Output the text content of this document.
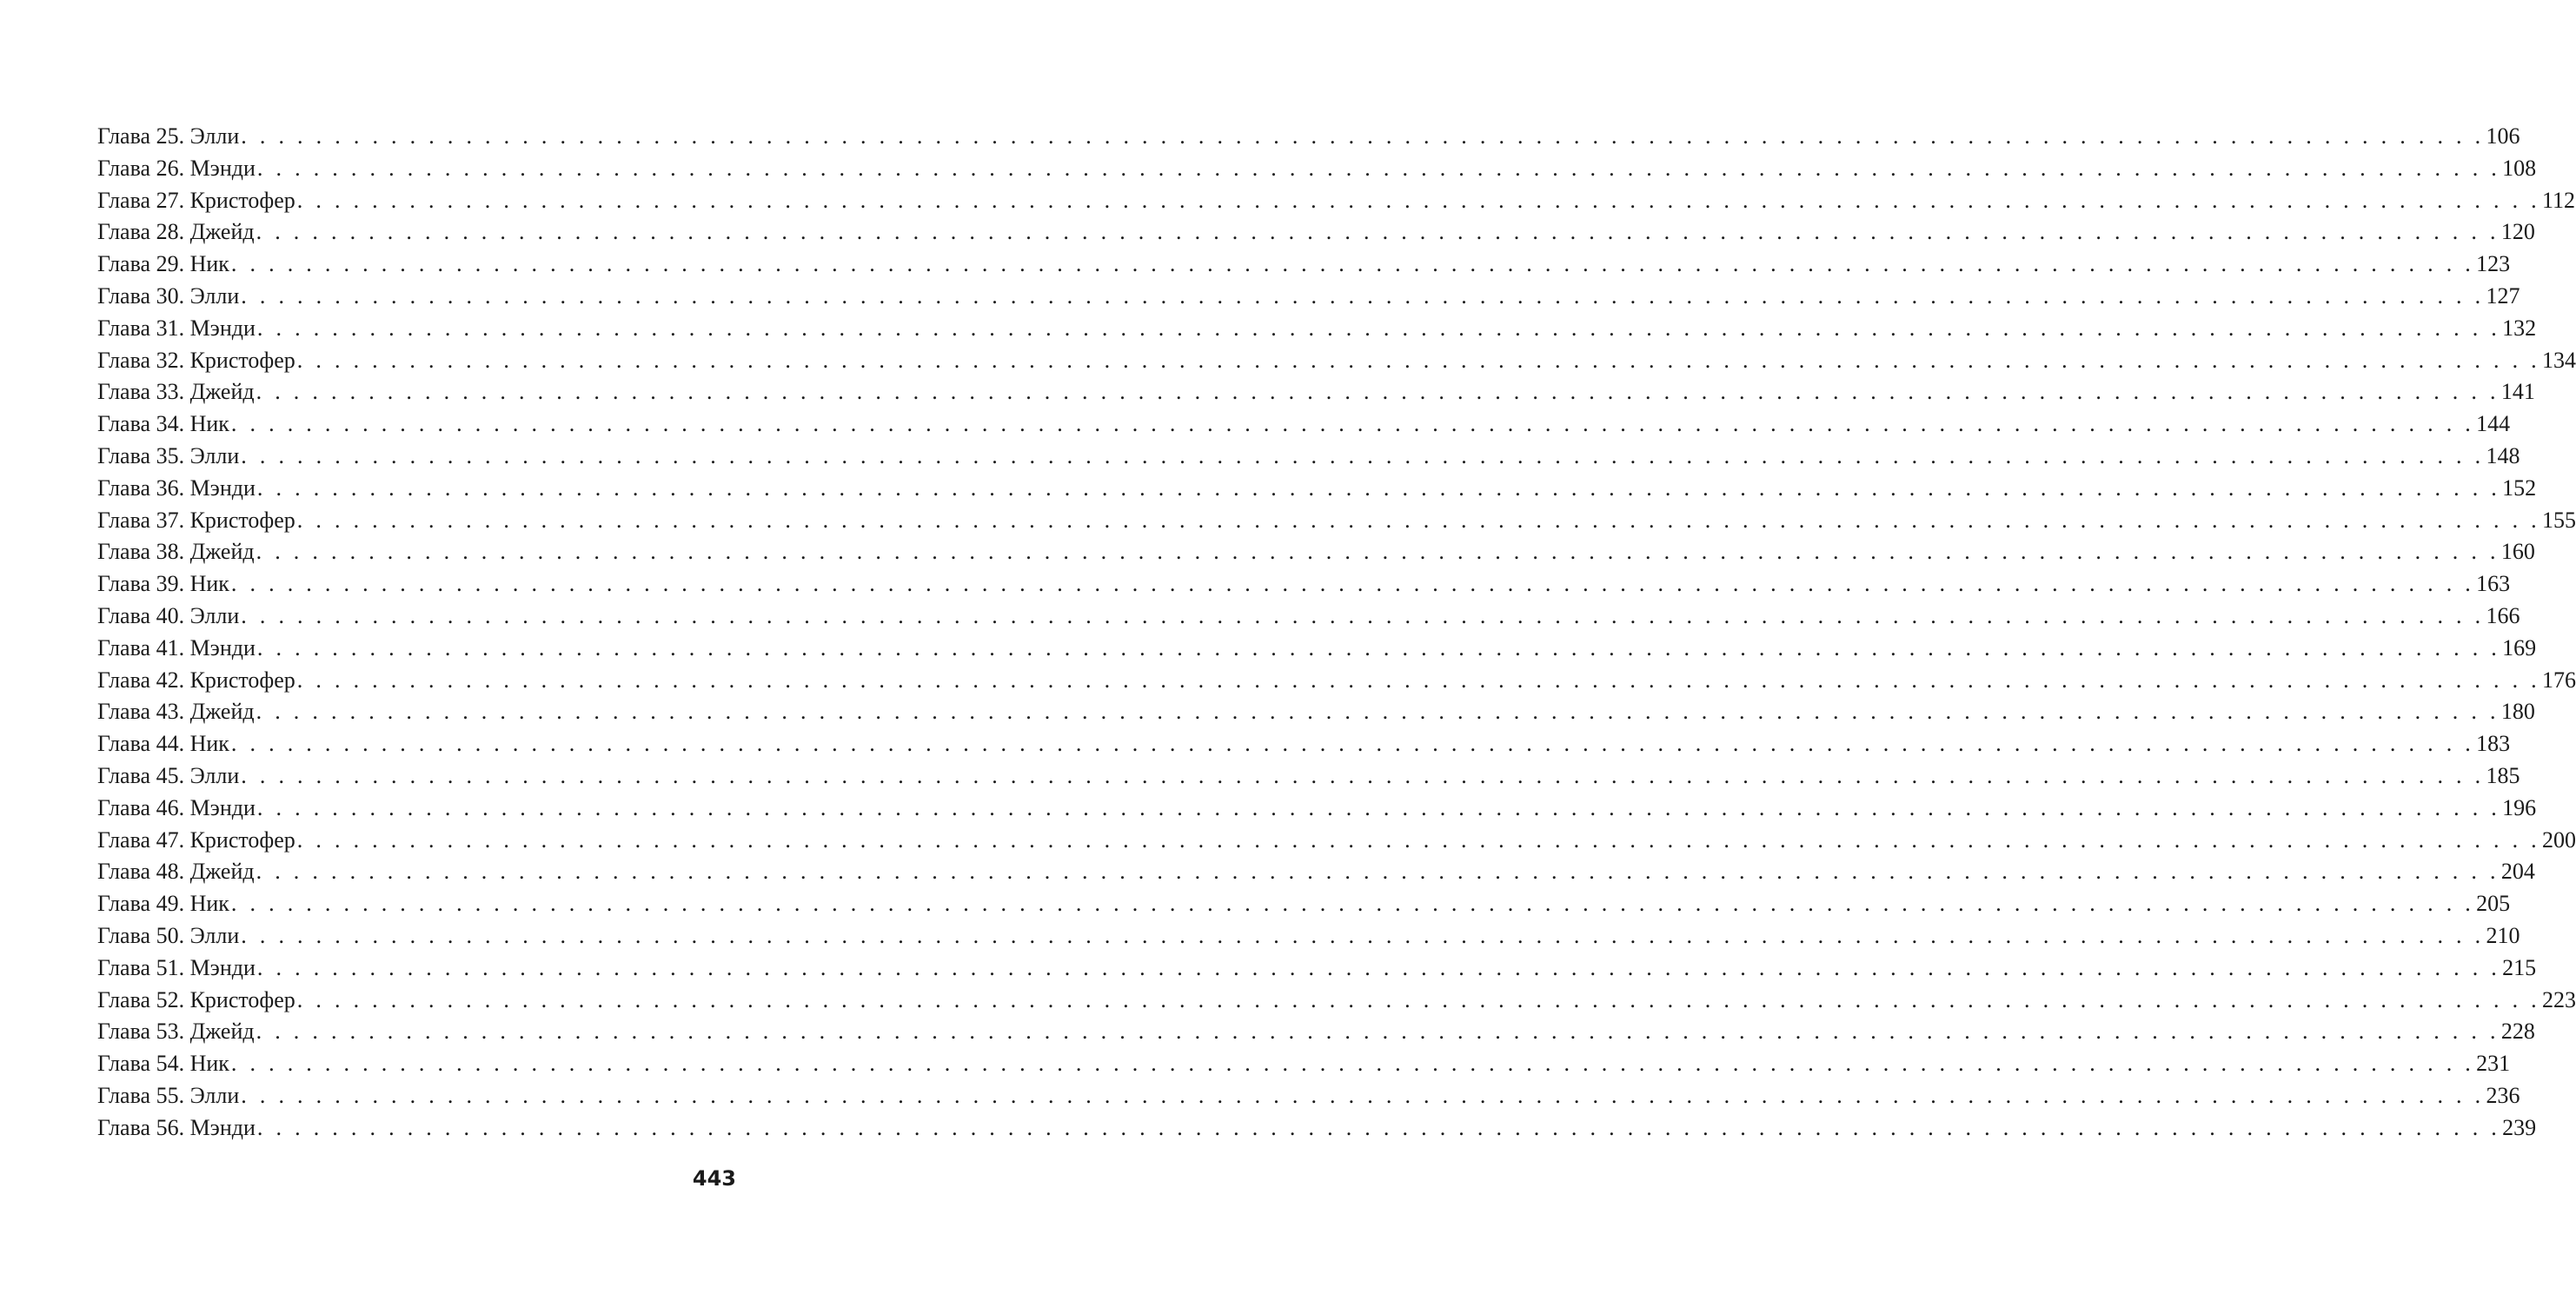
Глава 25. Элли . . . . . . . . . . . . . . . . . . . . . . . . . . . . . . . . . . . . . . . . . . . . . . . . . . . . . . . . . . . . . . . . . . . . . . . . . . . . . . . . . . . . . . . . . . . . . . . . . . . . . . . . . . . . . . . . . . . . . . . . 106
Глава 26. Мэнди . . . . . . . . . . . . . . . . . . . . . . . . . . . . . . . . . . . . . . . . . . . . . . . . . . . . . . . . . . . . . . . . . . . . . . . . . . . . . . . . . . . . . . . . . . . . . . . . . . . . . . . . . . . . . . . . . . . . . . . . 108
Глава 27. Кристофер . . . . . . . . . . . . . . . . . . . . . . . . . . . . . . . . . . . . . . . . . . . . . . . . . . . . . . . . . . . . . . . . . . . . . . . . . . . . . . . . . . . . . . . . . . . . . . . . . . . . . . . . . . . . . . . . . . . . . . . . 112
Глава 28. Джейд . . . . . . . . . . . . . . . . . . . . . . . . . . . . . . . . . . . . . . . . . . . . . . . . . . . . . . . . . . . . . . . . . . . . . . . . . . . . . . . . . . . . . . . . . . . . . . . . . . . . . . . . . . . . . . . . . . . . . . . . 120
Глава 29. Ник . . . . . . . . . . . . . . . . . . . . . . . . . . . . . . . . . . . . . . . . . . . . . . . . . . . . . . . . . . . . . . . . . . . . . . . . . . . . . . . . . . . . . . . . . . . . . . . . . . . . . . . . . . . . . . . . . . . . . . . . 123
Глава 30. Элли . . . . . . . . . . . . . . . . . . . . . . . . . . . . . . . . . . . . . . . . . . . . . . . . . . . . . . . . . . . . . . . . . . . . . . . . . . . . . . . . . . . . . . . . . . . . . . . . . . . . . . . . . . . . . . . . . . . . . . . . 127
Глава 31. Мэнди . . . . . . . . . . . . . . . . . . . . . . . . . . . . . . . . . . . . . . . . . . . . . . . . . . . . . . . . . . . . . . . . . . . . . . . . . . . . . . . . . . . . . . . . . . . . . . . . . . . . . . . . . . . . . . . . . . . . . . . . 132
Глава 32. Кристофер . . . . . . . . . . . . . . . . . . . . . . . . . . . . . . . . . . . . . . . . . . . . . . . . . . . . . . . . . . . . . . . . . . . . . . . . . . . . . . . . . . . . . . . . . . . . . . . . . . . . . . . . . . . . . . . . . . . . . . . . 134
Глава 33. Джейд . . . . . . . . . . . . . . . . . . . . . . . . . . . . . . . . . . . . . . . . . . . . . . . . . . . . . . . . . . . . . . . . . . . . . . . . . . . . . . . . . . . . . . . . . . . . . . . . . . . . . . . . . . . . . . . . . . . . . . . . 141
Глава 34. Ник . . . . . . . . . . . . . . . . . . . . . . . . . . . . . . . . . . . . . . . . . . . . . . . . . . . . . . . . . . . . . . . . . . . . . . . . . . . . . . . . . . . . . . . . . . . . . . . . . . . . . . . . . . . . . . . . . . . . . . . . 144
Глава 35. Элли . . . . . . . . . . . . . . . . . . . . . . . . . . . . . . . . . . . . . . . . . . . . . . . . . . . . . . . . . . . . . . . . . . . . . . . . . . . . . . . . . . . . . . . . . . . . . . . . . . . . . . . . . . . . . . . . . . . . . . . . 148
Глава 36. Мэнди . . . . . . . . . . . . . . . . . . . . . . . . . . . . . . . . . . . . . . . . . . . . . . . . . . . . . . . . . . . . . . . . . . . . . . . . . . . . . . . . . . . . . . . . . . . . . . . . . . . . . . . . . . . . . . . . . . . . . . . . 152
Глава 37. Кристофер . . . . . . . . . . . . . . . . . . . . . . . . . . . . . . . . . . . . . . . . . . . . . . . . . . . . . . . . . . . . . . . . . . . . . . . . . . . . . . . . . . . . . . . . . . . . . . . . . . . . . . . . . . . . . . . . . . . . . . . . 155
Глава 38. Джейд . . . . . . . . . . . . . . . . . . . . . . . . . . . . . . . . . . . . . . . . . . . . . . . . . . . . . . . . . . . . . . . . . . . . . . . . . . . . . . . . . . . . . . . . . . . . . . . . . . . . . . . . . . . . . . . . . . . . . . . . 160
Глава 39. Ник . . . . . . . . . . . . . . . . . . . . . . . . . . . . . . . . . . . . . . . . . . . . . . . . . . . . . . . . . . . . . . . . . . . . . . . . . . . . . . . . . . . . . . . . . . . . . . . . . . . . . . . . . . . . . . . . . . . . . . . . 163
Глава 40. Элли . . . . . . . . . . . . . . . . . . . . . . . . . . . . . . . . . . . . . . . . . . . . . . . . . . . . . . . . . . . . . . . . . . . . . . . . . . . . . . . . . . . . . . . . . . . . . . . . . . . . . . . . . . . . . . . . . . . . . . . . 166
Глава 41. Мэнди . . . . . . . . . . . . . . . . . . . . . . . . . . . . . . . . . . . . . . . . . . . . . . . . . . . . . . . . . . . . . . . . . . . . . . . . . . . . . . . . . . . . . . . . . . . . . . . . . . . . . . . . . . . . . . . . . . . . . . . . 169
Глава 42. Кристофер . . . . . . . . . . . . . . . . . . . . . . . . . . . . . . . . . . . . . . . . . . . . . . . . . . . . . . . . . . . . . . . . . . . . . . . . . . . . . . . . . . . . . . . . . . . . . . . . . . . . . . . . . . . . . . . . . . . . . . . . 176
Глава 43. Джейд . . . . . . . . . . . . . . . . . . . . . . . . . . . . . . . . . . . . . . . . . . . . . . . . . . . . . . . . . . . . . . . . . . . . . . . . . . . . . . . . . . . . . . . . . . . . . . . . . . . . . . . . . . . . . . . . . . . . . . . . 180
Глава 44. Ник . . . . . . . . . . . . . . . . . . . . . . . . . . . . . . . . . . . . . . . . . . . . . . . . . . . . . . . . . . . . . . . . . . . . . . . . . . . . . . . . . . . . . . . . . . . . . . . . . . . . . . . . . . . . . . . . . . . . . . . . 183
Глава 45. Элли . . . . . . . . . . . . . . . . . . . . . . . . . . . . . . . . . . . . . . . . . . . . . . . . . . . . . . . . . . . . . . . . . . . . . . . . . . . . . . . . . . . . . . . . . . . . . . . . . . . . . . . . . . . . . . . . . . . . . . . . 185
Глава 46. Мэнди . . . . . . . . . . . . . . . . . . . . . . . . . . . . . . . . . . . . . . . . . . . . . . . . . . . . . . . . . . . . . . . . . . . . . . . . . . . . . . . . . . . . . . . . . . . . . . . . . . . . . . . . . . . . . . . . . . . . . . . . 196
Глава 47. Кристофер . . . . . . . . . . . . . . . . . . . . . . . . . . . . . . . . . . . . . . . . . . . . . . . . . . . . . . . . . . . . . . . . . . . . . . . . . . . . . . . . . . . . . . . . . . . . . . . . . . . . . . . . . . . . . . . . . . . . . . . . 200
Глава 48. Джейд . . . . . . . . . . . . . . . . . . . . . . . . . . . . . . . . . . . . . . . . . . . . . . . . . . . . . . . . . . . . . . . . . . . . . . . . . . . . . . . . . . . . . . . . . . . . . . . . . . . . . . . . . . . . . . . . . . . . . . . . 204
Глава 49. Ник . . . . . . . . . . . . . . . . . . . . . . . . . . . . . . . . . . . . . . . . . . . . . . . . . . . . . . . . . . . . . . . . . . . . . . . . . . . . . . . . . . . . . . . . . . . . . . . . . . . . . . . . . . . . . . . . . . . . . . . . 205
Глава 50. Элли . . . . . . . . . . . . . . . . . . . . . . . . . . . . . . . . . . . . . . . . . . . . . . . . . . . . . . . . . . . . . . . . . . . . . . . . . . . . . . . . . . . . . . . . . . . . . . . . . . . . . . . . . . . . . . . . . . . . . . . . 210
Глава 51. Мэнди . . . . . . . . . . . . . . . . . . . . . . . . . . . . . . . . . . . . . . . . . . . . . . . . . . . . . . . . . . . . . . . . . . . . . . . . . . . . . . . . . . . . . . . . . . . . . . . . . . . . . . . . . . . . . . . . . . . . . . . . 215
Глава 52. Кристофер . . . . . . . . . . . . . . . . . . . . . . . . . . . . . . . . . . . . . . . . . . . . . . . . . . . . . . . . . . . . . . . . . . . . . . . . . . . . . . . . . . . . . . . . . . . . . . . . . . . . . . . . . . . . . . . . . . . . . . . . 223
Глава 53. Джейд . . . . . . . . . . . . . . . . . . . . . . . . . . . . . . . . . . . . . . . . . . . . . . . . . . . . . . . . . . . . . . . . . . . . . . . . . . . . . . . . . . . . . . . . . . . . . . . . . . . . . . . . . . . . . . . . . . . . . . . . 228
Глава 54. Ник . . . . . . . . . . . . . . . . . . . . . . . . . . . . . . . . . . . . . . . . . . . . . . . . . . . . . . . . . . . . . . . . . . . . . . . . . . . . . . . . . . . . . . . . . . . . . . . . . . . . . . . . . . . . . . . . . . . . . . . . 231
Глава 55. Элли . . . . . . . . . . . . . . . . . . . . . . . . . . . . . . . . . . . . . . . . . . . . . . . . . . . . . . . . . . . . . . . . . . . . . . . . . . . . . . . . . . . . . . . . . . . . . . . . . . . . . . . . . . . . . . . . . . . . . . . . 236
Глава 56. Мэнди . . . . . . . . . . . . . . . . . . . . . . . . . . . . . . . . . . . . . . . . . . . . . . . . . . . . . . . . . . . . . . . . . . . . . . . . . . . . . . . . . . . . . . . . . . . . . . . . . . . . . . . . . . . . . . . . . . . . . . . . 239
443
